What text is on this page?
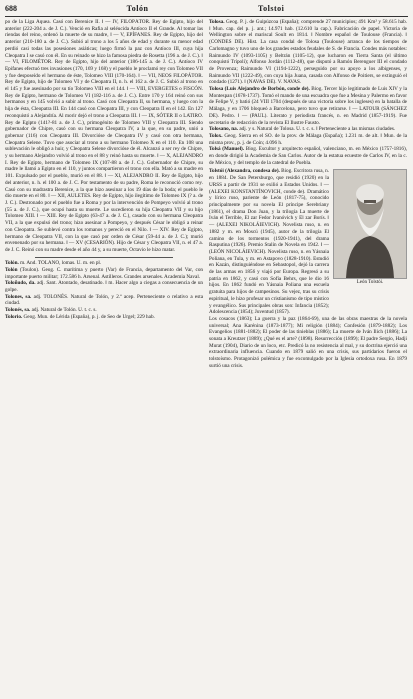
688	Tolón	Tolstoi

po de la Liga Aquea. Casó con Berenice II. ‖ — IV, FILOPÁTOR. Rey de Egipto, hijo del anterior (222-204 a. de J. C.). Venció en Rafia al seléucida Antíoco II el Grande. Al tomar las riendas del reino, ordenó la muerte de su madre, ‖ — V, EPÍFANES. Rey de Egipto, hijo del anterior (210-180 a. de J. C.). Subió al trono a los 5 años de edad y durante su menor edad perdió casi todas las posesiones asiáticas; luego firmó la paz con Antíoco III, cuya hija Cleopatra I se casó con él. En su reinado se hizo la famosa piedra de Rosetta (196 a. de J. C.). ‖ — VI, FILOMÉTOR. Rey de Egipto, hijo del anterior (186-145 a. de J. C.). Antíoco IV Epífanes efectuó tres invasiones (170, 169 y 168) y el pueblo le proclamó rey con Tolomeo VII y fue desposeído el hermano de éste, Tolomeo VIII (170-164). ‖ — VII, NEOS FILOPÁTOR. Rey de Egipto, hijo de Tolomeo VI y de Cleopatra II, n. h. el 162 a. de J. C. Subió al trono en el 145 y fue asesinado por su tío Tolomeo VIII en el 144. ‖ — VIII, EVERGETES o FISCÓN. Rey de Egipto, hermano de Tolomeo VI (182-116 a. de J. C.). Entre 170 y 164 reinó con sus hermanos y en 145 volvió a subir al trono. Casó con Cleopatra II, su hermana, y luego con la hija de ésta, Cleopatra III. En 144 casó con Cleopatra III, y con Cleopatra II en el 142. En 127 reconquistó a Alejandría. Al morir dejó el trono a Cleopatra III. ‖ — IX, SÓTER II o LATIRO. Rey de Egipto (141?-81 a. de J. C.), primogénito de Tolomeo VIII y Cleopatra III. Siendo gobernador de Chipre, casó con su hermana Cleopatra IV, a la que, en su padre, unió a gobernar (116) con Cleopatra III. Divorcióse de Cleopatra IV y casó con otra hermana, Cleopatra Selene. Tuvo que asociar al trono a su hermano Tolomeo X en el 110. En 108 una sublevación le obligó a huir, y Cleopatra Selene divorcióse de él. Alcanzó a ser rey de Chipre, y su hermano Alejandro volvió al trono en el 88 y reinó hasta su muerte. ‖ — X, ALEJANDRO I. Rey de Egipto, hermano de Tolomeo IX (107-88 a. de J. C.). Gobernador de Chipre, su madre le llamó a Egipto en el 110, y juntos compartieron el trono con ella. Mató a su madre en 101. Expulsado por el pueblo, murió en el 88. ‖ — XI, ALEJANDRO II. Rey de Egipto, hijo del anterior, n. h. el 100 a. de J. C. Por testamento de su padre, Roma le reconoció como rey. Casó con su madrastra Berenice, a la que hizo asesinar a los 19 días de la boda; el pueblo le dio muerte en el 80. ‖ — XII, AULETES. Rey de Egipto, hijo ilegítimo de Tolomeo IX (? a. de J. C.). Destronado por el pueblo fue a Roma y por la intervención de Pompeyo volvió al trono (55 a. de J. C.), que ocupó hasta su muerte. Le sucedieron su hija Cleopatra VII y su hijo Tolomeo XIII. ‖ — XIII. Rey de Egipto (63-47 a. de J. C.), casado con su hermana Cleopatra VII, a la que expulsó del trono; hizo asesinar a Pompeyo, y después César le obligó a reinar con Cleopatra. Se sublevó contra los romanos y pereció en el Nilo. ‖ — XIV. Rey de Egipto, hermano de Cleopatra VII, con la que casó por orden de César (59-44 a. de J. C.); murió envenenado por su hermana. ‖ — XV (CESARIÓN). Hijo de César y Cleopatra VII, n. el 47 a. de J. C. Reinó con su madre desde el año 44 y, a su muerte, Octavio le hizo matar.

Tolón. m. And. TOLANO, lomas. U. m. en pl.

Tolón (Toulon). Geog. C. marítima y puerto (Var) de Francia, departamento del Var, con importante puerto militar; 172.586 h. Arsenal. Astilleros. Grandes arsenales. Academia Naval.

Toloñudo, da. adj. Sant. Atontado, desatinado. ‖ m. Hacer algo a ciegas a consecuencia de un golpe.

Tolones, sa. adj. TOLONÉS. Natural de Tolón, y 2.ª acep. Perteneciente o relativo a esta ciudad.

Tolonés, sa. adj. Natural de Tolón. U. t. c. s.

Tolorio. Geog. Mun. de Lérida (España), p. j. de Seo de Urgel; 229 hab.

Tolosa. Geog. P. j. de Guipúzcoa (España); comprende 27 municipios; 491 Km² y 58.615 hab. ‖ Mun. cap. del p. j. ant.; 14.971 hab. (12.610 la cap.). Fabricación de papel. Victoria de Wellington sobre el mariscal Soult en 1814. ‖ Nombre español de Toulouse (Francia). ‖ (CONDES DE). Hist. La casa condal de Tolosa (Toulouse) arranca de los tiempos de Carlomagno y tuvo uno de los grandes estados feudales de S. de Francia. Condes más notables: Raimundo IV (1093-1105) y Beltrán (1105-12), que lucharon en Tierra Santa (el último conquistó Trípoli); Alfonso Jordán (1112-48), que disputó a Ramón Berenguer III el condado de Provenza; Raimundo VI (1194-1222), perseguido por su apoyo a los albigenses, y Raimundo VII (1222-49), con cuya hija Juana, casada con Alfonso de Poitiers, se extinguió el condado (1271). ‖ (NAVAS DE). V. NAVAS.

Tolosa (Luis Alejandro de Borbón, conde de). Biog. Tercer hijo legitimado de Luis XIV y la Montespan (1678-1737). Tomó el mando de una escuadra que fue a Mesina y Palermo en favor de Felipe V, y batió (24 VIII 1704 (después de una victoria sobre los ingleses) en la batalla de Málaga, y en 1706 bloqueó a Barcelona, pero tuvo que retirarse. ‖ — LATOUR (SÁNCHEZ DE). Pedro. ‖ — (PAUL). Literato y periodista francés, n. en Madrid (1857-1919). Fue secretario de redacción de la revista El Ilustre Fausto.

Tolosano, na. adj. y s. Natural de Tolosa. U. t. c. s. ‖ Perteneciente a las mismas ciudades.

Tolox. Geog. Sierra en el SO. de la prov. de Málaga (España); 1.231 m. de alt. ‖ Mun. de la misma prov., p. j. de Coín; 4.096 h.

Tolsá (Manuel). Biog. Escultor y arquitecto español, valenciano, m. en México (1757-1816), en donde dirigió la Academia de San Carlos. Autor de la estatua ecuestre de Carlos IV, en la c. de México, y del templo de la catedral de Puebla.

Tolstói (Alexandra, condesa de). Biog. Escritora rusa, n. en 1884. De San Petersburgo, que residió (1920) en la URSS a partir de 1931 se exilió a Estados Unidos. ‖ — (ALEXEI KONSTANTÍNOVICH, conde de). Dramático y lírico ruso, pariente de León (1817-75), conocido principalmente por su novela El príncipe Serebriany (1861), el drama Don Juan, y la trilogía La muerte de Iván el Terrible, El zar Fedor Ivanóvich y El zar Borís. ‖ — (ALEXEI NIKOLÁIEVICH). Novelista ruso, n. en 1882 y m. en Moscú (1945), autor de la trilogía El camino de los tormentos (1920-1941), del drama Rasputina (1926). Premio Stalin de Novela en 1942. ‖ — (LEÓN NICOLÁIEVICH). Novelista ruso, n. en Yásnaia Poliana, en Tula, y m. en Astapovo (1828-1910). Estudió en Kazán, distinguiéndose en Sebastopol, dejó la carrera de las armas en 1856 y viajó por Europa. Regresó a su patria en 1862, y casó con Sofía Behrs, que le dio 16 hijos. En 1862 fundó en Yásnaia Poliana una escuela gratuita para hijos de campesinos. Su vejez, tras su crisis espiritual, le hizo profesar un cristianismo de tipo místico y evangélico. Sus principales obras son: Infancia (1852); Adolescencia (1854); Juventud (1857).

León Tolstói.

Los cosacos (1863); La guerra y la paz (1864-69), una de las obras maestras de la novela universal; Ana Karénina (1873-1877); Mi religión (1884); Confesión (1879-1882); Los Evangelios (1881-1882); El poder de las tinieblas (1886); La muerte de Iván Ilich (1886); La sonata a Kreutzer (1889); ¿Qué es el arte? (1898). Resurrección (1899); El padre Sergio, Hadji Murat (1904), Diario de un loco, etc. Predicó la no resistencia al mal, y su doctrina ejerció una extraordinaria influencia. Cuando en 1879 salió en una crisis, sus partidarios fueron el tolstoísmo. Protagonizó polémica y fue excomulgado por la Iglesia ortodoxa rusa. En 1879 surtió una crisis.
